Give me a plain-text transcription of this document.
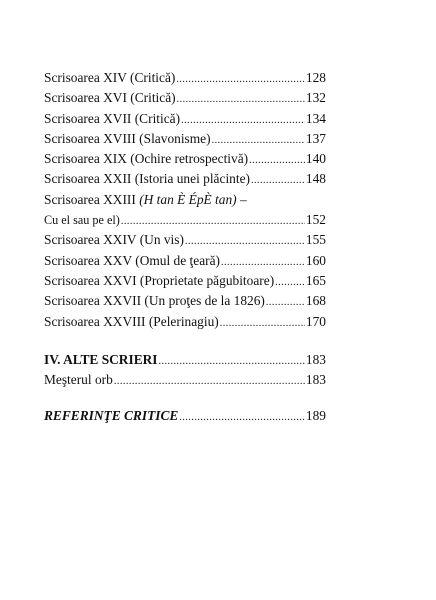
Scrisoarea XIV (Critică) .....	128
Scrisoarea XVI (Critică) .....	132
Scrisoarea XVII (Critică) .....	134
Scrisoarea XVIII (Slavonisme) .....	137
Scrisoarea XIX (Ochire retrospectivă) .....	140
Scrisoarea XXII (Istoria unei plăcinte) .....	148
Scrisoarea XXIII (H tan È ÉpÈ tan) –
Cu el sau pe el) .....	152
Scrisoarea XXIV (Un vis) .....	155
Scrisoarea XXV (Omul de ţeară) .....	160
Scrisoarea XXVI (Proprietate păgubitoare) ..... 165
Scrisoarea XXVII (Un proţes de la 1826) .....	168
Scrisoarea XXVIII (Pelerinagiu) .....	170
IV. ALTE SCRIERI .....	183
Meşterul orb .....	183
REFERINŢE CRITICE .....	189
